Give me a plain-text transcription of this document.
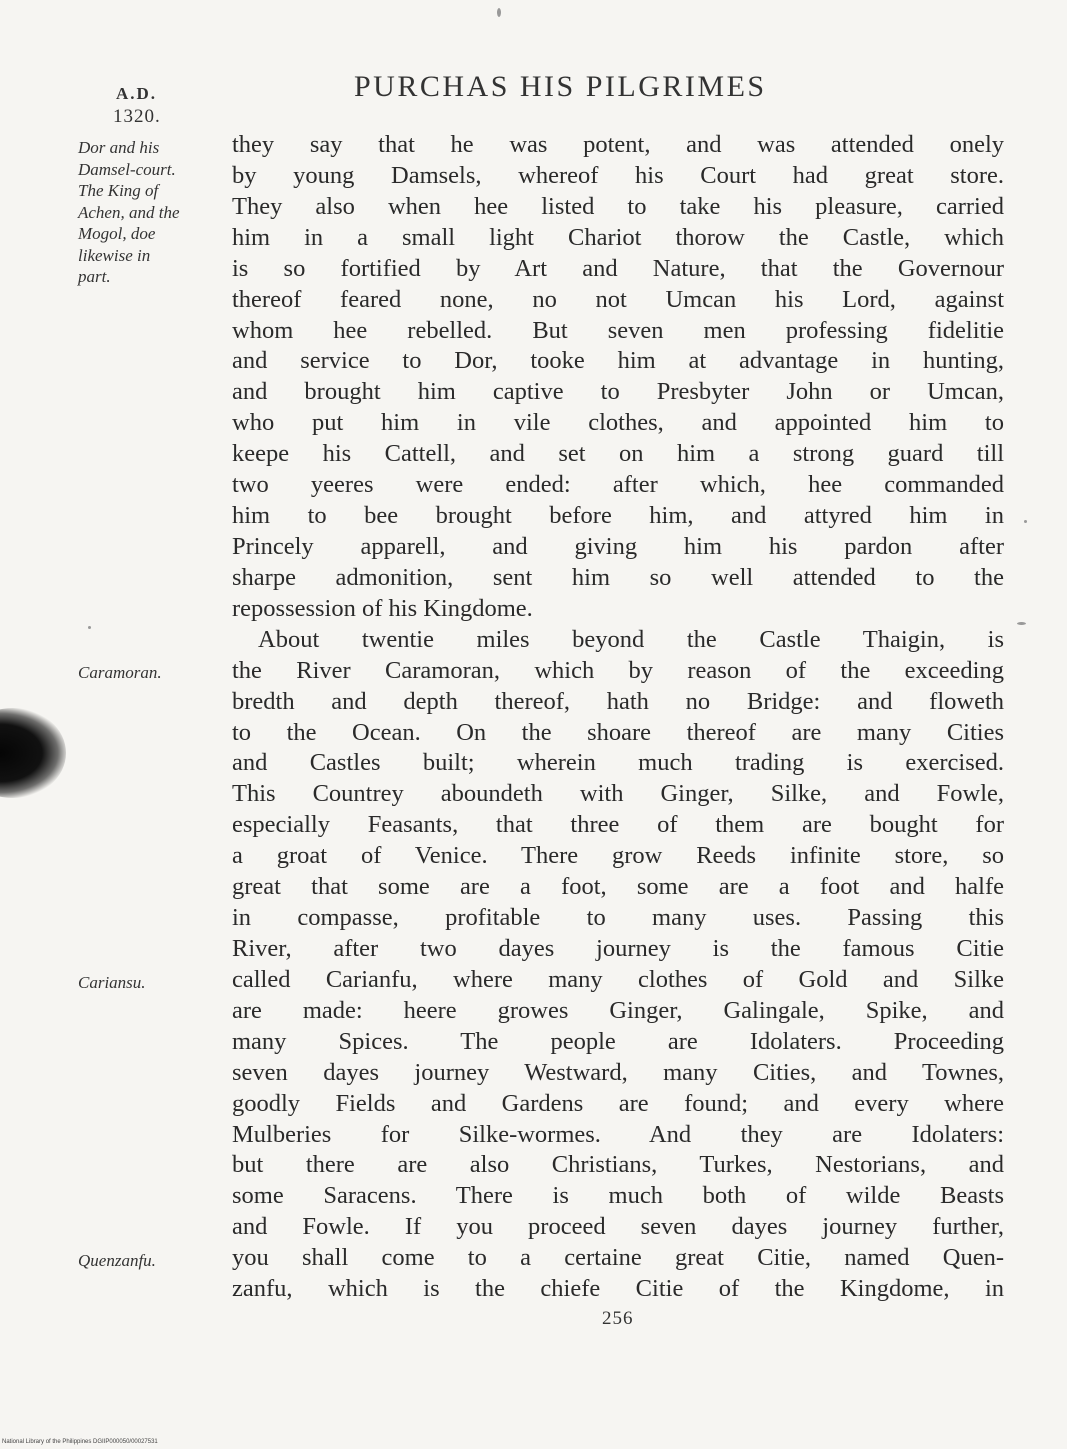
A.D.
1320.
PURCHAS HIS PILGRIMES
Dor and his
Damsel-court.
The King of
Achen, and the
Mogol, doe
likewise in
part.
Caramoran.
Cariansu.
Quenzanfu.
they say that he was potent, and was attended onely
by young Damsels, whereof his Court had great store.
They also when hee listed to take his pleasure, carried
him in a small light Chariot thorow the Castle, which
is so fortified by Art and Nature, that the Governour
thereof feared none, no not Umcan his Lord, against
whom hee rebelled. But seven men professing fidelitie
and service to Dor, tooke him at advantage in hunting,
and brought him captive to Presbyter John or Umcan,
who put him in vile clothes, and appointed him to
keepe his Cattell, and set on him a strong guard till
two yeeres were ended: after which, hee commanded
him to bee brought before him, and attyred him in
Princely apparell, and giving him his pardon after
sharpe admonition, sent him so well attended to the
repossession of his Kingdome.
About twentie miles beyond the Castle Thaigin, is
the River Caramoran, which by reason of the exceeding
bredth and depth thereof, hath no Bridge: and floweth
to the Ocean. On the shoare thereof are many Cities
and Castles built; wherein much trading is exercised.
This Countrey aboundeth with Ginger, Silke, and Fowle,
especially Feasants, that three of them are bought for
a groat of Venice. There grow Reeds infinite store, so
great that some are a foot, some are a foot and halfe
in compasse, profitable to many uses. Passing this
River, after two dayes journey is the famous Citie
called Carianfu, where many clothes of Gold and Silke
are made: heere growes Ginger, Galingale, Spike, and
many Spices. The people are Idolaters. Proceeding
seven dayes journey Westward, many Cities, and Townes,
goodly Fields and Gardens are found; and every where
Mulberies for Silke-wormes. And they are Idolaters:
but there are also Christians, Turkes, Nestorians, and
some Saracens. There is much both of wilde Beasts
and Fowle. If you proceed seven dayes journey further,
you shall come to a certaine great Citie, named Quen-
zanfu, which is the chiefe Citie of the Kingdome, in
256
National Library of the Philippines DGIIP000050/00027531
